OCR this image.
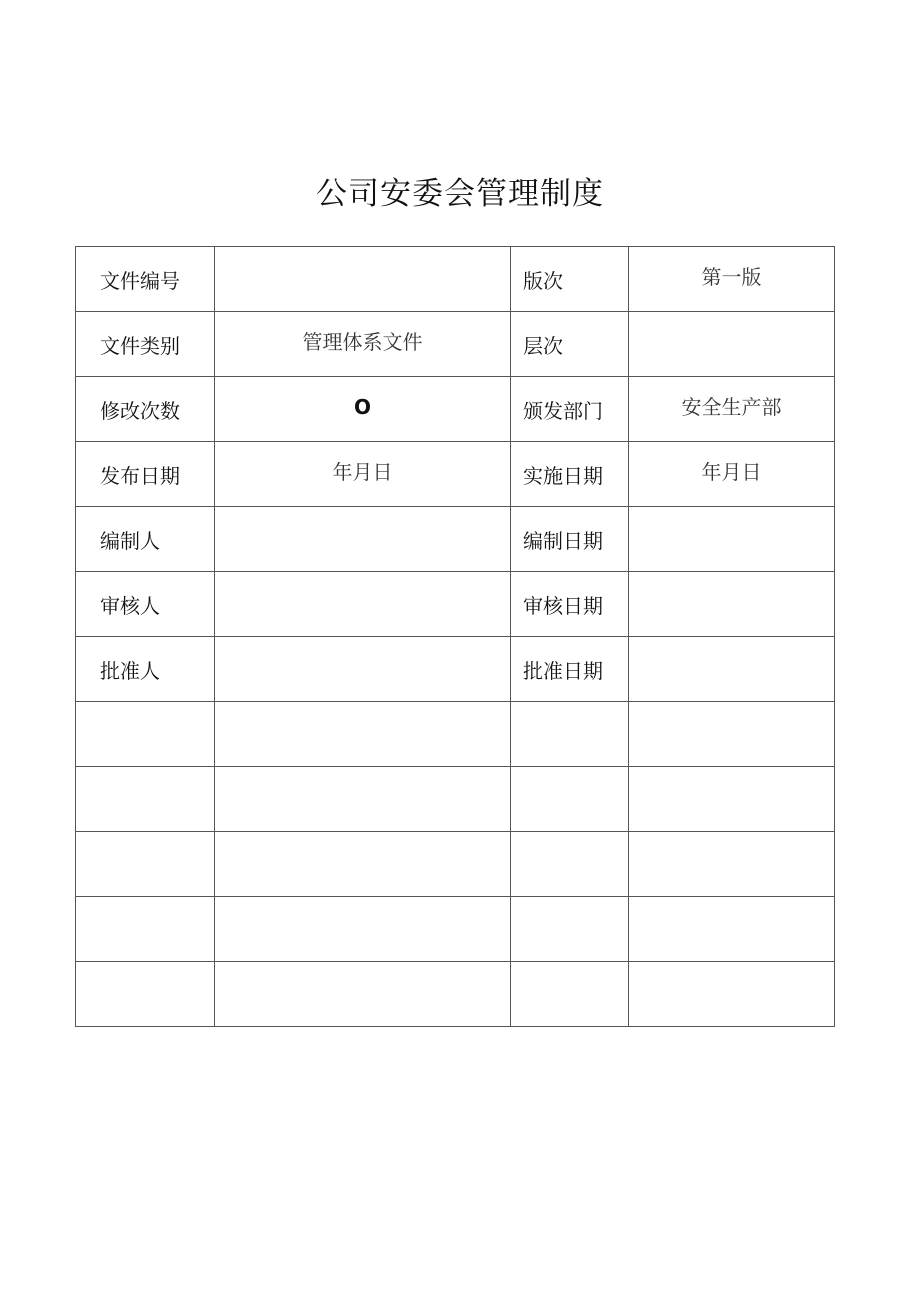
公司安委会管理制度
文件编号		版次	第一版
文件类别	管理体系文件	层次	
修改次数	O	颁发部门	安全生产部
发布日期	年月日	实施日期	年月日
编制人		编制日期	
审核人		审核日期	
批准人		批准日期	
